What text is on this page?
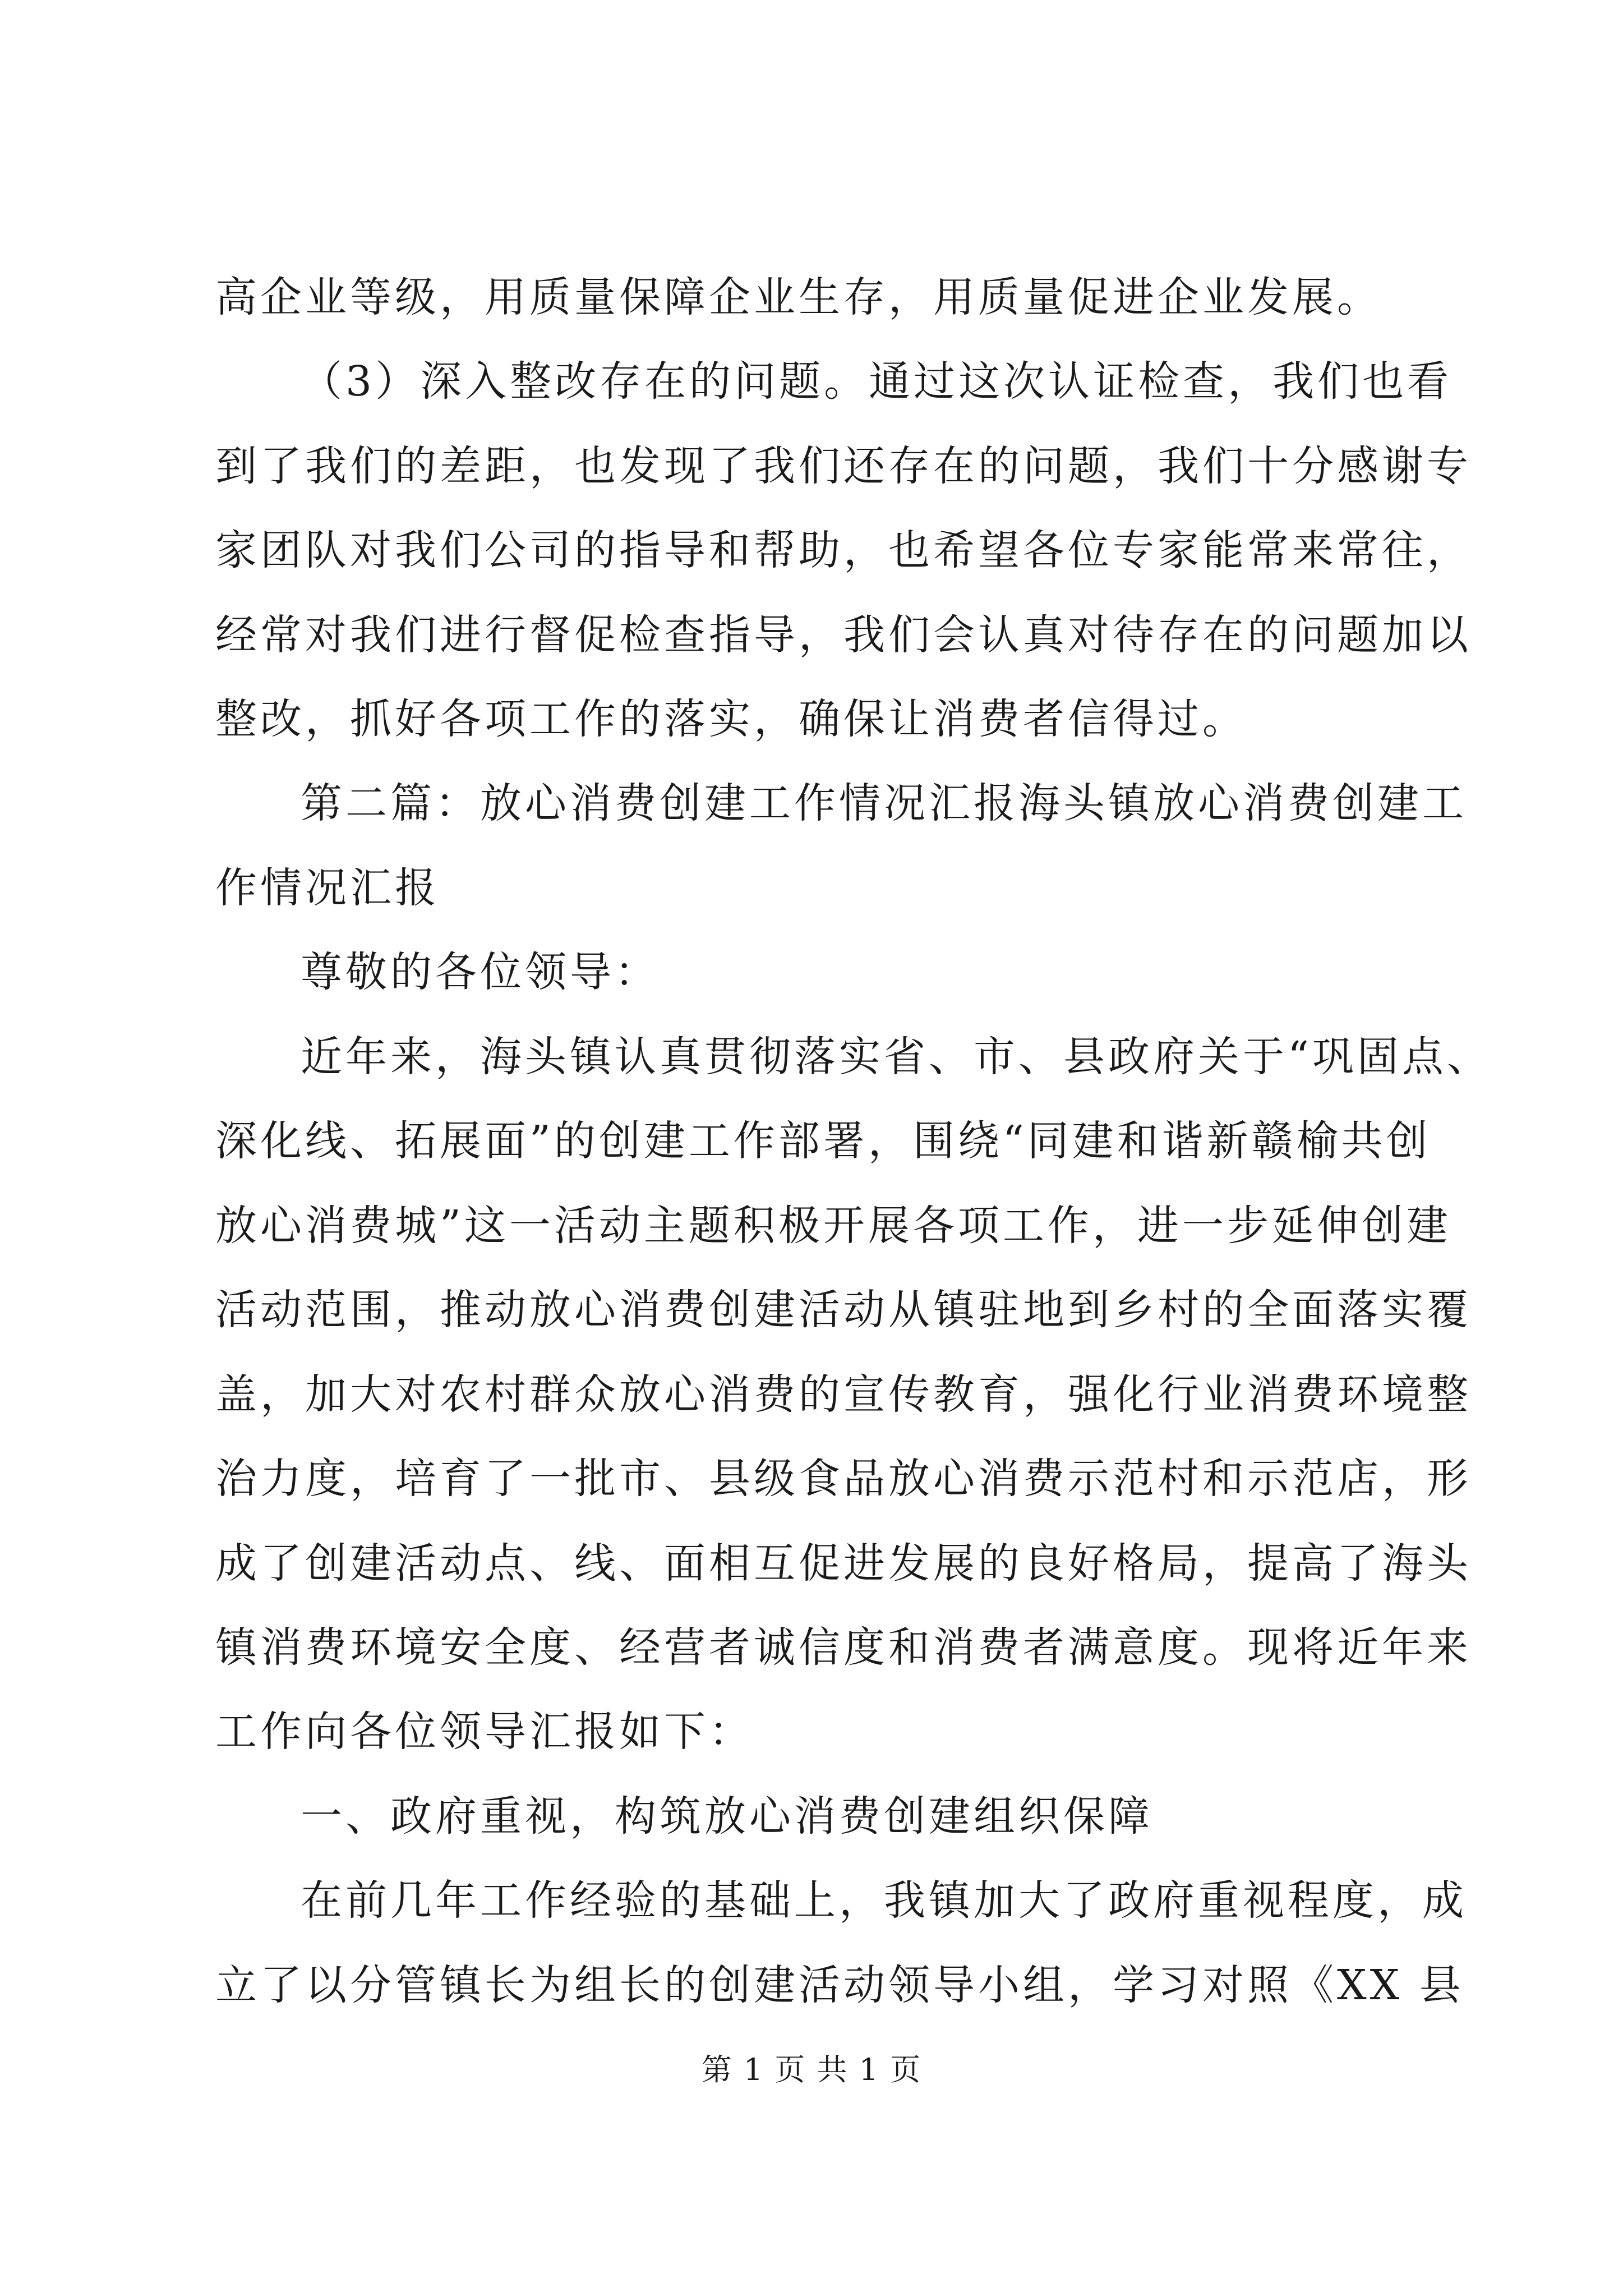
高企业等级，用质量保障企业生存，用质量促进企业发展。
（3）深入整改存在的问题。通过这次认证检查，我们也看
到了我们的差距，也发现了我们还存在的问题，我们十分感谢专
家团队对我们公司的指导和帮助，也希望各位专家能常来常往，
经常对我们进行督促检查指导，我们会认真对待存在的问题加以
整改，抓好各项工作的落实，确保让消费者信得过。
第二篇：放心消费创建工作情况汇报海头镇放心消费创建工
作情况汇报
尊敬的各位领导：
近年来，海头镇认真贯彻落实省、市、县政府关于“巩固点、
深化线、拓展面”的创建工作部署，围绕“同建和谐新赣榆共创
放心消费城”这一活动主题积极开展各项工作，进一步延伸创建
活动范围，推动放心消费创建活动从镇驻地到乡村的全面落实覆
盖，加大对农村群众放心消费的宣传教育，强化行业消费环境整
治力度，培育了一批市、县级食品放心消费示范村和示范店，形
成了创建活动点、线、面相互促进发展的良好格局，提高了海头
镇消费环境安全度、经营者诚信度和消费者满意度。现将近年来
工作向各位领导汇报如下：
一、政府重视，构筑放心消费创建组织保障
在前几年工作经验的基础上，我镇加大了政府重视程度，成
立了以分管镇长为组长的创建活动领导小组，学习对照《XX 县
第 1 页 共 1 页
